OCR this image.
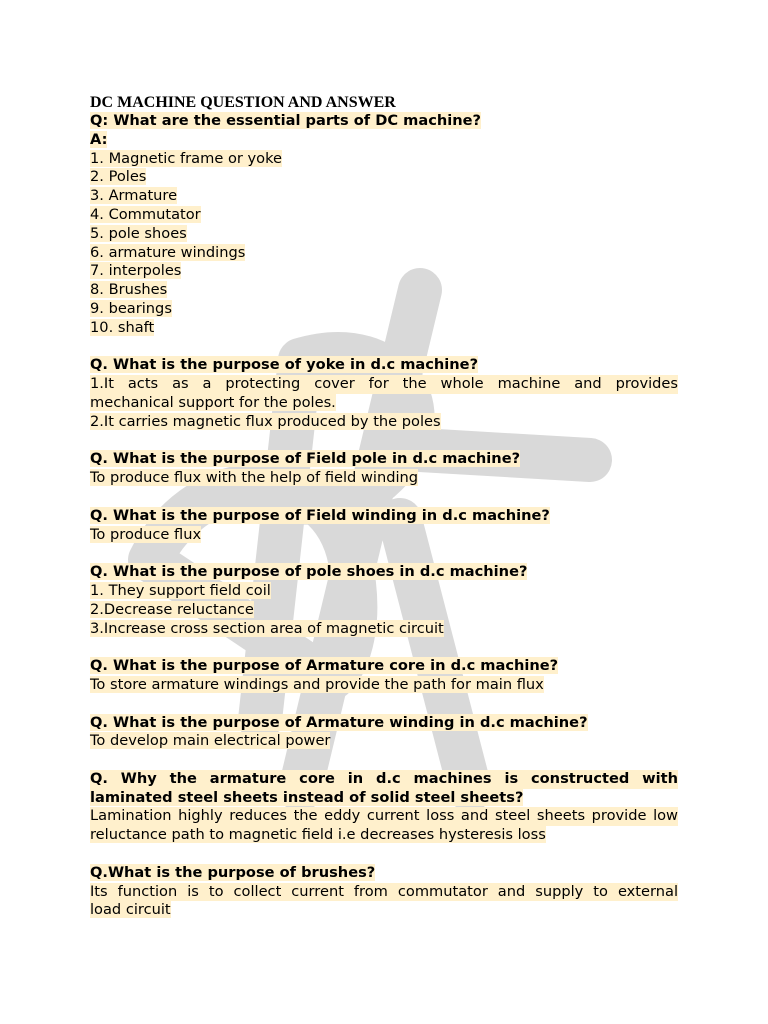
DC MACHINE QUESTION AND ANSWER

Q: What are the essential parts of DC machine?

A:

1. Magnetic frame or yoke

2. Poles

3. Armature

4. Commutator

5. pole shoes

6. armature windings

7. interpoles

8. Brushes

9. bearings

10. shaft

Q. What is the purpose of yoke in d.c machine?

1.It acts as a protecting cover for the whole machine and provides

mechanical support for the poles.

2.It carries magnetic flux produced by the poles

Q. What is the purpose of Field pole in d.c machine?

To produce flux with the help of field winding

Q. What is the purpose of Field winding in d.c machine?

To produce flux

Q. What is the purpose of pole shoes in d.c machine?

1. They support field coil

2.Decrease reluctance

3.Increase cross section area of magnetic circuit

Q. What is the purpose of Armature core in d.c machine?

To store armature windings and provide the path for main flux

Q. What is the purpose of Armature winding in d.c machine?

To develop main electrical power

Q. Why the armature core in d.c machines is constructed with

laminated steel sheets instead of solid steel sheets?

Lamination highly reduces the eddy current loss and steel sheets provide low

reluctance path to magnetic field i.e decreases hysteresis loss

Q.What is the purpose of brushes?

Its function is to collect current from commutator and supply to external

load circuit
